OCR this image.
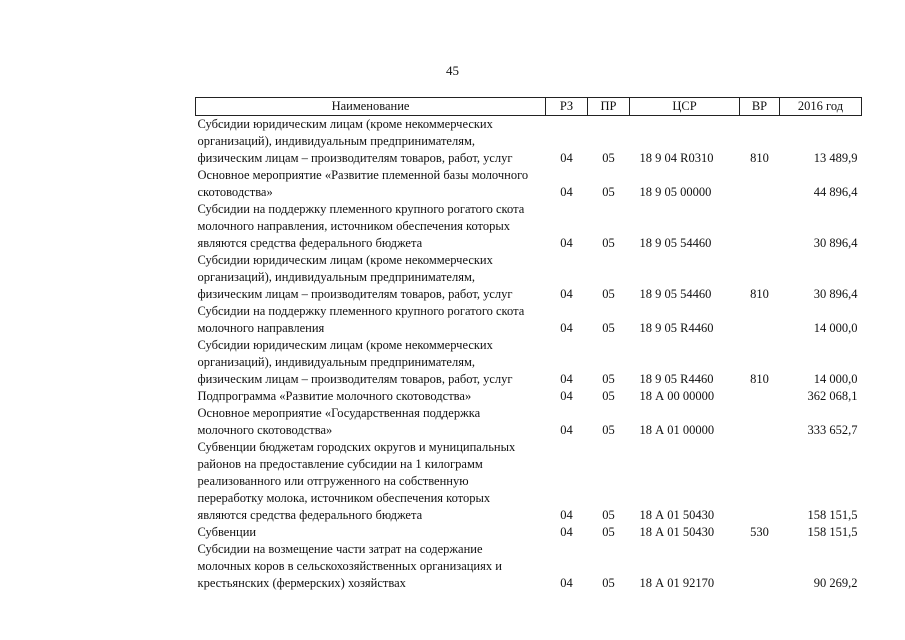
45
Наименование	РЗ	ПР	ЦСР	ВР	2016 год

Субсидии юридическим лицам (кроме некоммерческих
организаций), индивидуальным предпринимателям,
физическим лицам – производителям товаров, работ, услуг	04	05	18 9 04 R0310	810	13 489,9

Основное мероприятие «Развитие племенной базы молочного
скотоводства»	04	05	18 9 05 00000		44 896,4

Субсидии на поддержку племенного крупного рогатого скота
молочного направления, источником обеспечения которых
являются средства федерального бюджета	04	05	18 9 05 54460		30 896,4

Субсидии юридическим лицам (кроме некоммерческих
организаций), индивидуальным предпринимателям,
физическим лицам – производителям товаров, работ, услуг	04	05	18 9 05 54460	810	30 896,4

Субсидии на поддержку племенного крупного рогатого скота
молочного направления	04	05	18 9 05 R4460		14 000,0

Субсидии юридическим лицам (кроме некоммерческих
организаций), индивидуальным предпринимателям,
физическим лицам – производителям товаров, работ, услуг	04	05	18 9 05 R4460	810	14 000,0

Подпрограмма «Развитие молочного скотоводства»	04	05	18 А 00 00000		362 068,1

Основное мероприятие «Государственная поддержка
молочного скотоводства»	04	05	18 А 01 00000		333 652,7

Субвенции бюджетам городских округов и муниципальных
районов на предоставление субсидии на 1 килограмм
реализованного или отгруженного на собственную
переработку молока, источником обеспечения которых
являются средства федерального бюджета	04	05	18 А 01 50430		158 151,5

Субвенции	04	05	18 А 01 50430	530	158 151,5

Субсидии на возмещение части затрат на содержание
молочных коров в сельскохозяйственных организациях и
крестьянских (фермерских) хозяйствах	04	05	18 А 01 92170		90 269,2
